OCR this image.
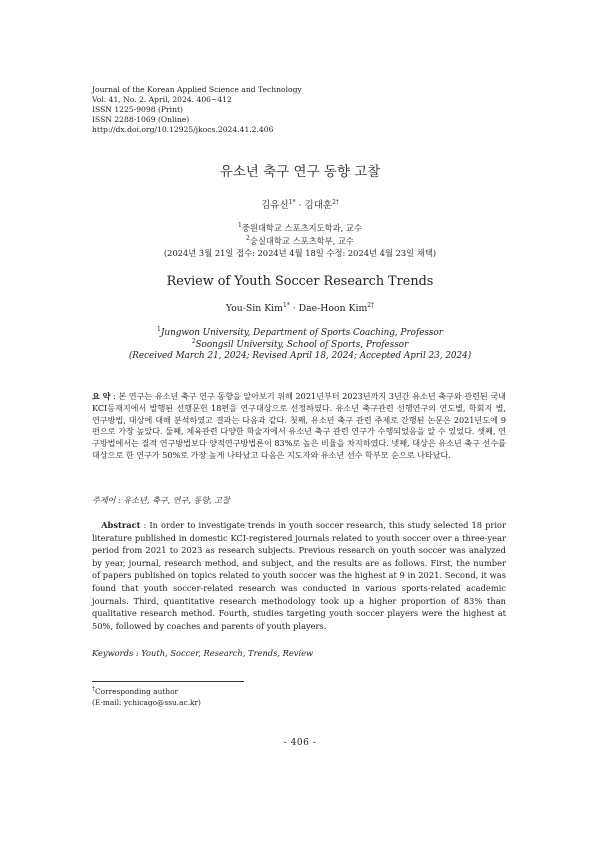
Journal of the Korean Applied Science and Technology
Vol. 41, No. 2. April, 2024. 406~412
ISSN 1225-9098 (Print)
ISSN 2288-1069 (Online)
http://dx.doi.org/10.12925/jkocs.2024.41.2.406
유소년 축구 연구 동향 고찰
김유신$^{1*}$ · 김대훈$^{2\dagger}$
$^1$중원대학교 스포츠지도학과, 교수
$^2$숭실대학교 스포츠학부, 교수
(2024년 3월 21일 접수: 2024년 4월 18일 수정: 2024년 4월 23일 채택)
Review of Youth Soccer Research Trends
You-Sin Kim$^{1*}$ · Dae-Hoon Kim$^{2\dagger}$
$^1$Jungwon University, Department of Sports Coaching, Professor
$^2$Soongsil University, School of Sports, Professor
(Received March 21, 2024; Revised April 18, 2024; Accepted April 23, 2024)
요 약 : 본 연구는 유소년 축구 연구 동향을 알아보기 위해 2021년부터 2023년까지 3년간 유소년 축구와 관련된 국내 KCI등재지에서 발행된 선행문헌 18편을 연구대상으로 선정하였다. 유소년 축구관련 선행연구의 연도별, 학회지 별, 연구방법, 대상에 대해 분석하였고 결과는 다음과 같다. 첫째, 유소년 축구 관련 주제로 간행된 논문은 2021년도에 9편으로 가장 높았다. 둘째, 체육관련 다양한 학술지에서 유소년 축구 관련 연구가 수행되었음을 알 수 있었다. 셋째, 연구방법에서는 질적 연구방법보다 양적연구방법론이 83%로 높은 비율을 차지하였다. 넷째, 대상은 유소년 축구 선수를 대상으로 한 연구가 50%로 가장 높게 나타났고 다음은 지도자와 유소년 선수 학부모 순으로 나타났다.
주제어 : 유소년, 축구, 연구, 동향, 고찰
Abstract : In order to investigate trends in youth soccer research, this study selected 18 prior literature published in domestic KCI-registered journals related to youth soccer over a three-year period from 2021 to 2023 as research subjects. Previous research on youth soccer was analyzed by year, journal, research method, and subject, and the results are as follows. First, the number of papers published on topics related to youth soccer was the highest at 9 in 2021. Second, it was found that youth soccer-related research was conducted in various sports-related academic journals. Third, quantitative research methodology took up a higher proportion of 83% than qualitative research method. Fourth, studies targeting youth soccer players were the highest at 50%, followed by coaches and parents of youth players.
Keywords : Youth, Soccer, Research, Trends, Review
†Corresponding author
(E-mail: ychicago@ssu.ac.kr)
- 406 -
